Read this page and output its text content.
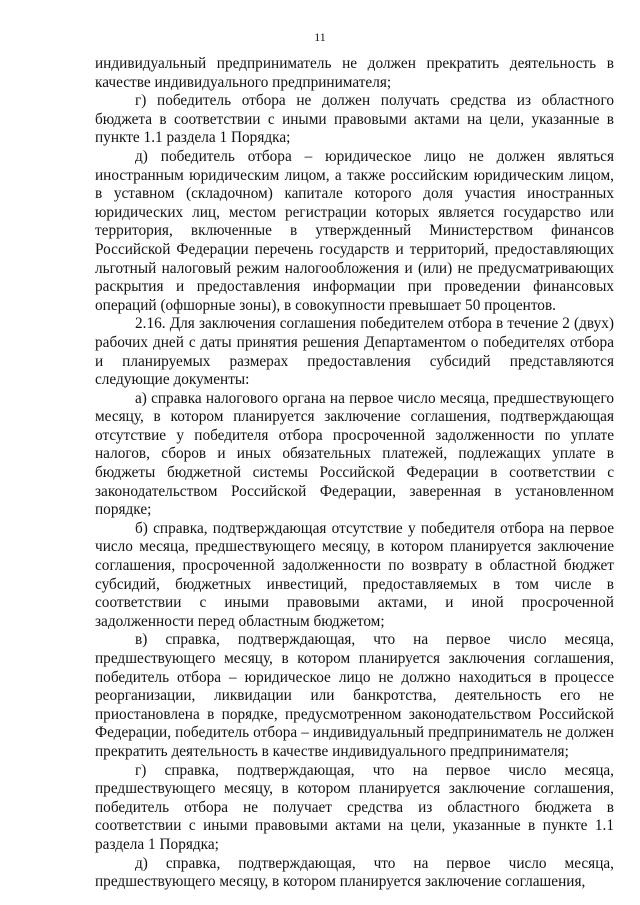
11

индивидуальный предприниматель не должен прекратить деятельность в качестве индивидуального предпринимателя;

г) победитель отбора не должен получать средства из областного бюджета в соответствии с иными правовыми актами на цели, указанные в пункте 1.1 раздела 1 Порядка;

д) победитель отбора – юридическое лицо не должен являться иностранным юридическим лицом, а также российским юридическим лицом, в уставном (складочном) капитале которого доля участия иностранных юридических лиц, местом регистрации которых является государство или территория, включенные в утвержденный Министерством финансов Российской Федерации перечень государств и территорий, предоставляющих льготный налоговый режим налогообложения и (или) не предусматривающих раскрытия и предоставления информации при проведении финансовых операций (офшорные зоны), в совокупности превышает 50 процентов.

2.16. Для заключения соглашения победителем отбора в течение 2 (двух) рабочих дней с даты принятия решения Департаментом о победителях отбора и планируемых размерах предоставления субсидий представляются следующие документы:

а) справка налогового органа на первое число месяца, предшествующего месяцу, в котором планируется заключение соглашения, подтверждающая отсутствие у победителя отбора просроченной задолженности по уплате налогов, сборов и иных обязательных платежей, подлежащих уплате в бюджеты бюджетной системы Российской Федерации в соответствии с законодательством Российской Федерации, заверенная в установленном порядке;

б) справка, подтверждающая отсутствие у победителя отбора на первое число месяца, предшествующего месяцу, в котором планируется заключение соглашения, просроченной задолженности по возврату в областной бюджет субсидий, бюджетных инвестиций, предоставляемых в том числе в соответствии с иными правовыми актами, и иной просроченной задолженности перед областным бюджетом;

в) справка, подтверждающая, что на первое число месяца, предшествующего месяцу, в котором планируется заключения соглашения, победитель отбора – юридическое лицо не должно находиться в процессе реорганизации, ликвидации или банкротства, деятельность его не приостановлена в порядке, предусмотренном законодательством Российской Федерации, победитель отбора – индивидуальный предприниматель не должен прекратить деятельность в качестве индивидуального предпринимателя;

г) справка, подтверждающая, что на первое число месяца, предшествующего месяцу, в котором планируется заключение соглашения, победитель отбора не получает средства из областного бюджета в соответствии с иными правовыми актами на цели, указанные в пункте 1.1 раздела 1 Порядка;

д) справка, подтверждающая, что на первое число месяца, предшествующего месяцу, в котором планируется заключение соглашения,
